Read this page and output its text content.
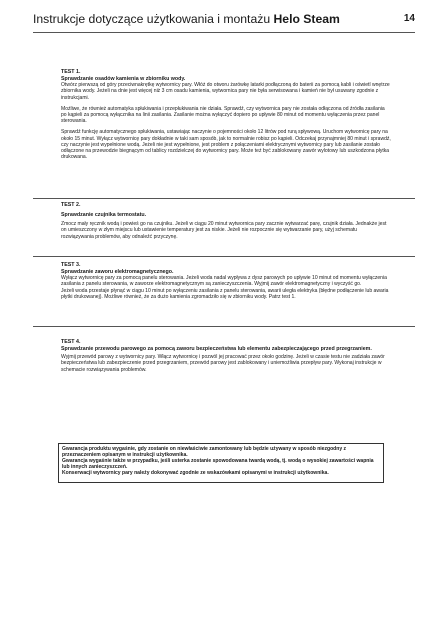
Instrukcje dotyczące użytkowania i montażu Helo Steam	14
TEST 1.
Sprawdzanie osadów kamienia w zbiorniku wody.

Otwórz pierwszą od góry przeciwnakrętkę wytwornicy pary. Włóż do otworu żarówkę latarki podłączoną do baterii za pomocą kabli i oświetl wnętrze zbiornika wody. Jeżeli na dnie jest więcej niż 3 cm osadu kamienia, wytwornica pary nie była serwisowana i kamień nie był usuwany zgodnie z instrukcjami.

Możliwe, że również automatyka spłukiwania i przepłukiwania nie działa. Sprawdź, czy wytwornica pary nie została odłączona od źródła zasilania po kąpieli za pomocą wyłącznika na linii zasilania. Zasilanie można wyłączyć dopiero po upływie 80 minut od momentu wyłączenia przez panel sterowania.

Sprawdź funkcję automatycznego spłukiwania, ustawiając naczynie o pojemności około 12 litrów pod rurą spływową. Uruchom wytwornicę pary na około 15 minut. Wyłącz wytwornicę pary dokładnie w taki sam sposób, jak to normalnie robisz po kąpieli. Odczekaj przynajmniej 80 minut i sprawdź, czy naczynie jest wypełnione wodą. Jeżeli nie jest wypełnione, jest problem z połączeniami elektrycznymi wytwornicy pary lub zasilanie zostało odłączone na przewodzie biegnącym od tablicy rozdzielczej do wytwornicy pary. Może też być zablokowany zawór wylotowy lub uszkodzona płytka drukowana.

TEST 2.
Sprawdzanie czujnika termostatu.

Zmocz mały ręcznik wodą i powieś go na czujniku. Jeżeli w ciągu 20 minut wytwornica pary zacznie wytwarzać parę, czujnik działa. Jednakże jest on umieszczony w złym miejscu lub ustawienie temperatury jest za niskie. Jeżeli nie rozpocznie się wytwarzanie pary, użyj schematu rozwiązywania problemów, aby odnaleźć przyczynę.

TEST 3.
Sprawdzanie zaworu elektromagnetycznego.

Wyłącz wytwornicę pary za pomocą panelu sterowania. Jeżeli woda nadal wypływa z dysz parowych po upływie 10 minut od momentu wyłączenia zasilania z panelu sterowania, w zaworze elektromagnetycznym są zanieczyszczenia. Wyjmij zawór elektromagnetyczny i wyczyść go.

Jeżeli woda przestaje płynąć w ciągu 10 minut po wyłączeniu zasilania z panelu sterowania, awarii uległa elektryka (błędne podłączenie lub awaria płytki drukowanej). Możliwe również, że za dużo kamienia zgromadziło się w zbiorniku wody. Patrz test 1.

TEST 4.
Sprawdzanie przewodu parowego za pomocą zaworu bezpieczeństwa lub elementu zabezpieczającego przed przegrzaniem.

Wyjmij przewód parowy z wytwornicy pary. Włącz wytwornicę i pozwól jej pracować przez około godzinę. Jeżeli w czasie testu nie zadziała zawór bezpieczeństwa lub zabezpieczenie przed przegrzaniem, przewód parowy jest zablokowany i uniemożliwia przepływ pary. Wykonaj instrukcje w schemacie rozwiązywania problemów.

Gwarancja produktu wygaśnie, gdy zostanie on niewłaściwie zamontowany lub będzie używany w sposób niezgodny z przeznaczeniem opisanym w instrukcji użytkownika.

Gwarancja wygaśnie także w przypadku, jeśli usterka zostanie spowodowana twardą wodą, tj. wodą o wysokiej zawartości wapnia lub innych zanieczyszczeń.

Konserwacji wytwornicy pary należy dokonywać zgodnie ze wskazówkami opisanymi w instrukcji użytkownika.
